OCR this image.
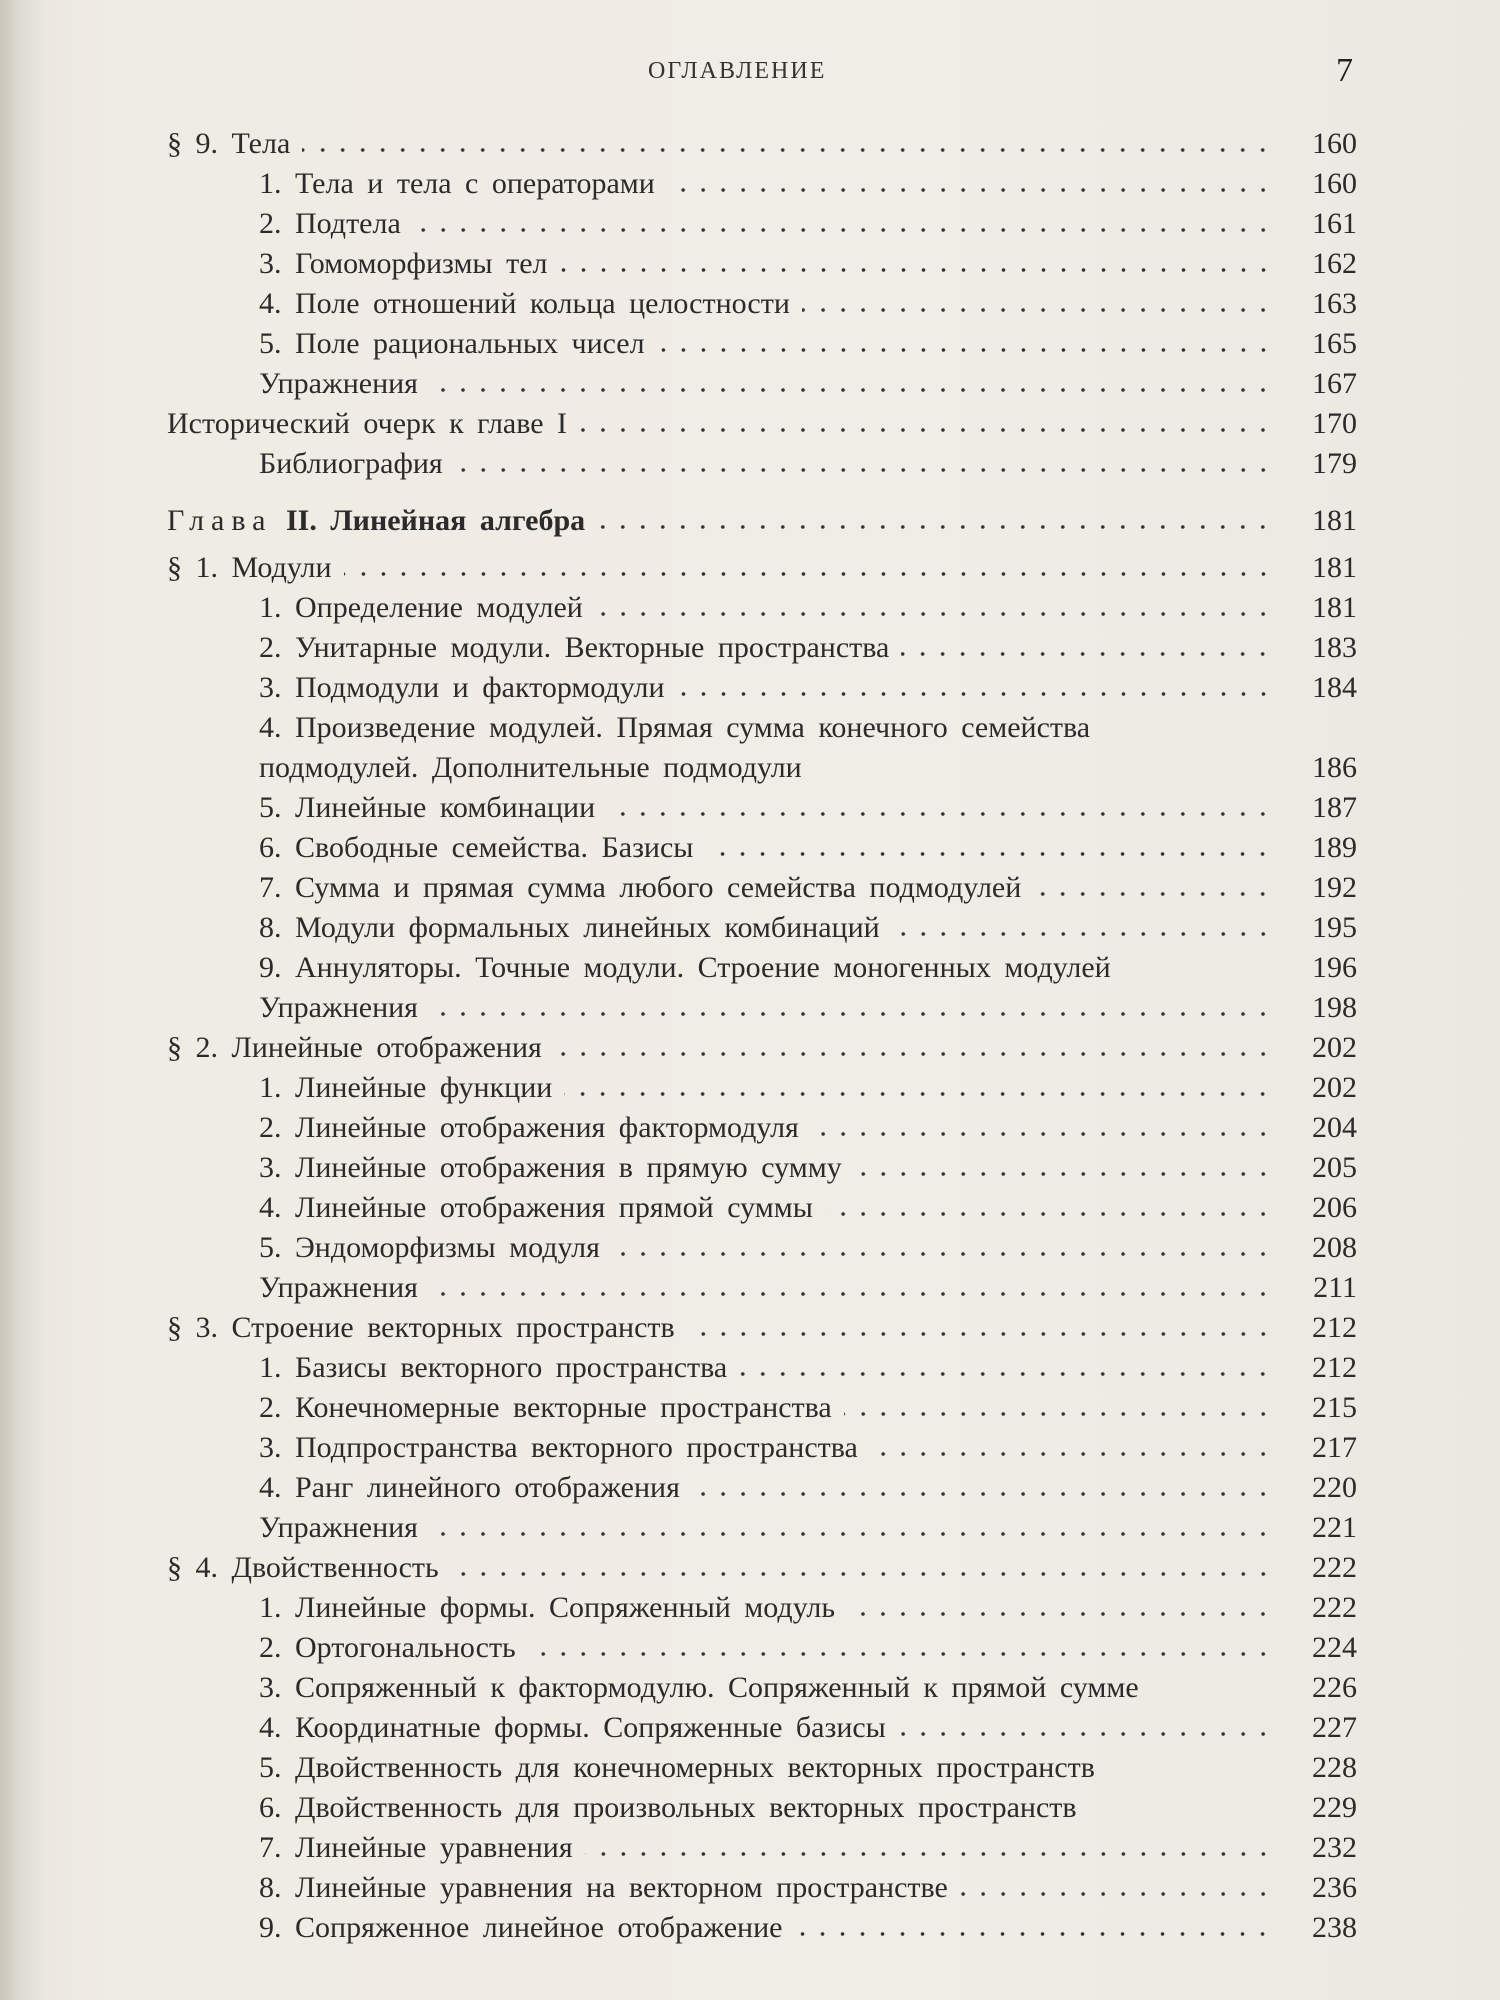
ОГЛАВЛЕНИЕ	7
§ 9. Тела	160
1. Тела и тела с операторами	160
2. Подтела	161
3. Гомоморфизмы тел	162
4. Поле отношений кольца целостности	163
5. Поле рациональных чисел	165
Упражнения	167
Исторический очерк к главе I	170
Библиография	179
Глава II. Линейная алгебра	181
§ 1. Модули	181
1. Определение модулей	181
2. Унитарные модули. Векторные пространства	183
3. Подмодули и фактормодули	184
4. Произведение модулей. Прямая сумма конечного семейства
подмодулей. Дополнительные подмодули	186
5. Линейные комбинации	187
6. Свободные семейства. Базисы	189
7. Сумма и прямая сумма любого семейства подмодулей	192
8. Модули формальных линейных комбинаций	195
9. Аннуляторы. Точные модули. Строение моногенных модулей	196
Упражнения	198
§ 2. Линейные отображения	202
1. Линейные функции	202
2. Линейные отображения фактормодуля	204
3. Линейные отображения в прямую сумму	205
4. Линейные отображения прямой суммы	206
5. Эндоморфизмы модуля	208
Упражнения	211
§ 3. Строение векторных пространств	212
1. Базисы векторного пространства	212
2. Конечномерные векторные пространства	215
3. Подпространства векторного пространства	217
4. Ранг линейного отображения	220
Упражнения	221
§ 4. Двойственность	222
1. Линейные формы. Сопряженный модуль	222
2. Ортогональность	224
3. Сопряженный к фактормодулю. Сопряженный к прямой сумме	226
4. Координатные формы. Сопряженные базисы	227
5. Двойственность для конечномерных векторных пространств	228
6. Двойственность для произвольных векторных пространств	229
7. Линейные уравнения	232
8. Линейные уравнения на векторном пространстве	236
9. Сопряженное линейное отображение	238
